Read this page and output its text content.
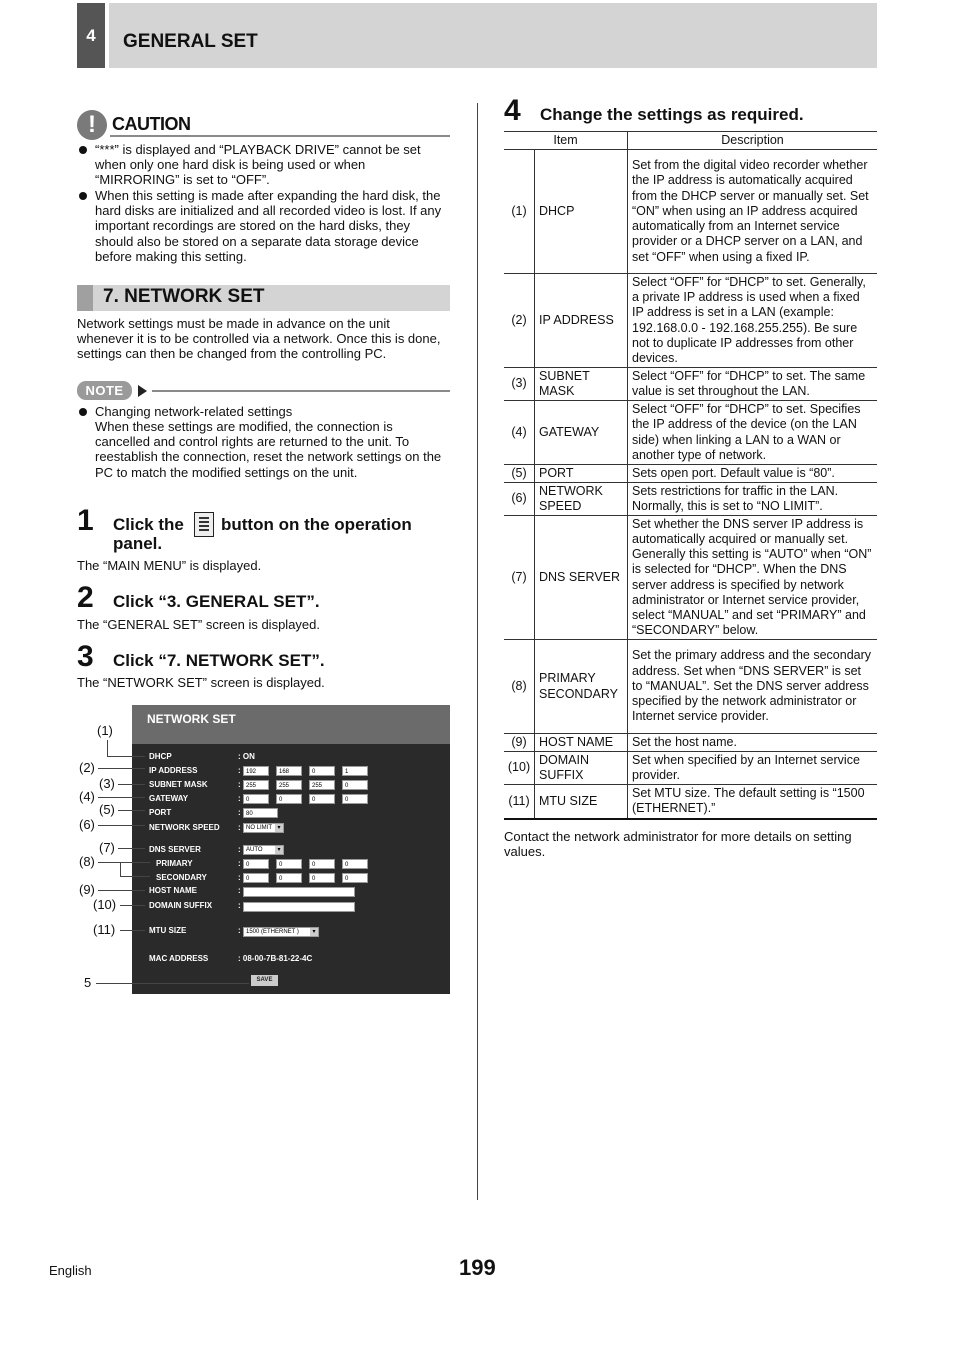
4	GENERAL SET
! CAUTION
“***” is displayed and “PLAYBACK DRIVE” cannot be set when only one hard disk is being used or when “MIRRORING” is set to “OFF”.
When this setting is made after expanding the hard disk, the hard disks are initialized and all recorded video is lost. If any important recordings are stored on the hard disks, they should also be stored on a separate data storage device before making this setting.
7. NETWORK SET
Network settings must be made in advance on the unit whenever it is to be controlled via a network. Once this is done, settings can then be changed from the controlling PC.
NOTE
Changing network-related settings
When these settings are modified, the connection is cancelled and control rights are returned to the unit. To reestablish the connection, reset the network settings on the PC to match the modified settings on the unit.
1 Click the button on the operation
panel.
The “MAIN MENU” is displayed.
2 Click “3. GENERAL SET”.
The “GENERAL SET” screen is displayed.
3 Click “7. NETWORK SET”.
The “NETWORK SET” screen is displayed.
NETWORK SET
DHCP	: ON
IP ADDRESS	: 192	168	0	1
SUBNET MASK	: 255	255	255	0
GATEWAY	: 0	0	0	0
PORT	: 80
NETWORK SPEED : NO LIMIT ▾
DNS SERVER	: AUTO	▾
PRIMARY	: 0	0	0	0
SECONDARY	: 0	0	0	0
HOST NAME	:
DOMAIN SUFFIX	:
MTU SIZE	: 1500 (ETHERNET )	▾
MAC ADDRESS	: 08-00-7B-81-22-4C
SAVE
(1)
(2)
(3)
(4)
(5)
(6)
(7)
(8)
(9)
(10)
(11)
5
4 Change the settings as required.
Item		Description
(1)	DHCP	Set from the digital video recorder whether the IP address is automatically acquired from the DHCP server or manually set. Set “ON” when using an IP address acquired automatically from an Internet service provider or a DHCP server on a LAN, and set “OFF” when using a fixed IP.
(2)	IP ADDRESS	Select “OFF” for “DHCP” to set. Generally, a private IP address is used when a fixed IP address is set in a LAN (example: 192.168.0.0 - 192.168.255.255). Be sure not to duplicate IP addresses from other devices.
(3)	SUBNET MASK	Select “OFF” for “DHCP” to set. The same value is set throughout the LAN.
(4)	GATEWAY	Select “OFF” for “DHCP” to set. Specifies the IP address of the device (on the LAN side) when linking a LAN to a WAN or another type of network.
(5)	PORT	Sets open port. Default value is “80”.
(6)	NETWORK SPEED	Sets restrictions for traffic in the LAN. Normally, this is set to “NO LIMIT”.
(7)	DNS SERVER	Set whether the DNS server IP address is automatically acquired or manually set. Generally this setting is “AUTO” when “ON” is selected for “DHCP”. When the DNS server address is specified by network administrator or Internet service provider, select “MANUAL” and set “PRIMARY” and “SECONDARY” below.
(8)	PRIMARY SECONDARY	Set the primary address and the secondary address. Set when “DNS SERVER” is set to “MANUAL”. Set the DNS server address specified by the network administrator or Internet service provider.
(9)	HOST NAME	Set the host name.
(10)	DOMAIN SUFFIX	Set when specified by an Internet service provider.
(11)	MTU SIZE	Set MTU size. The default setting is “1500 (ETHERNET).”
Contact the network administrator for more details on setting values.
English	199
